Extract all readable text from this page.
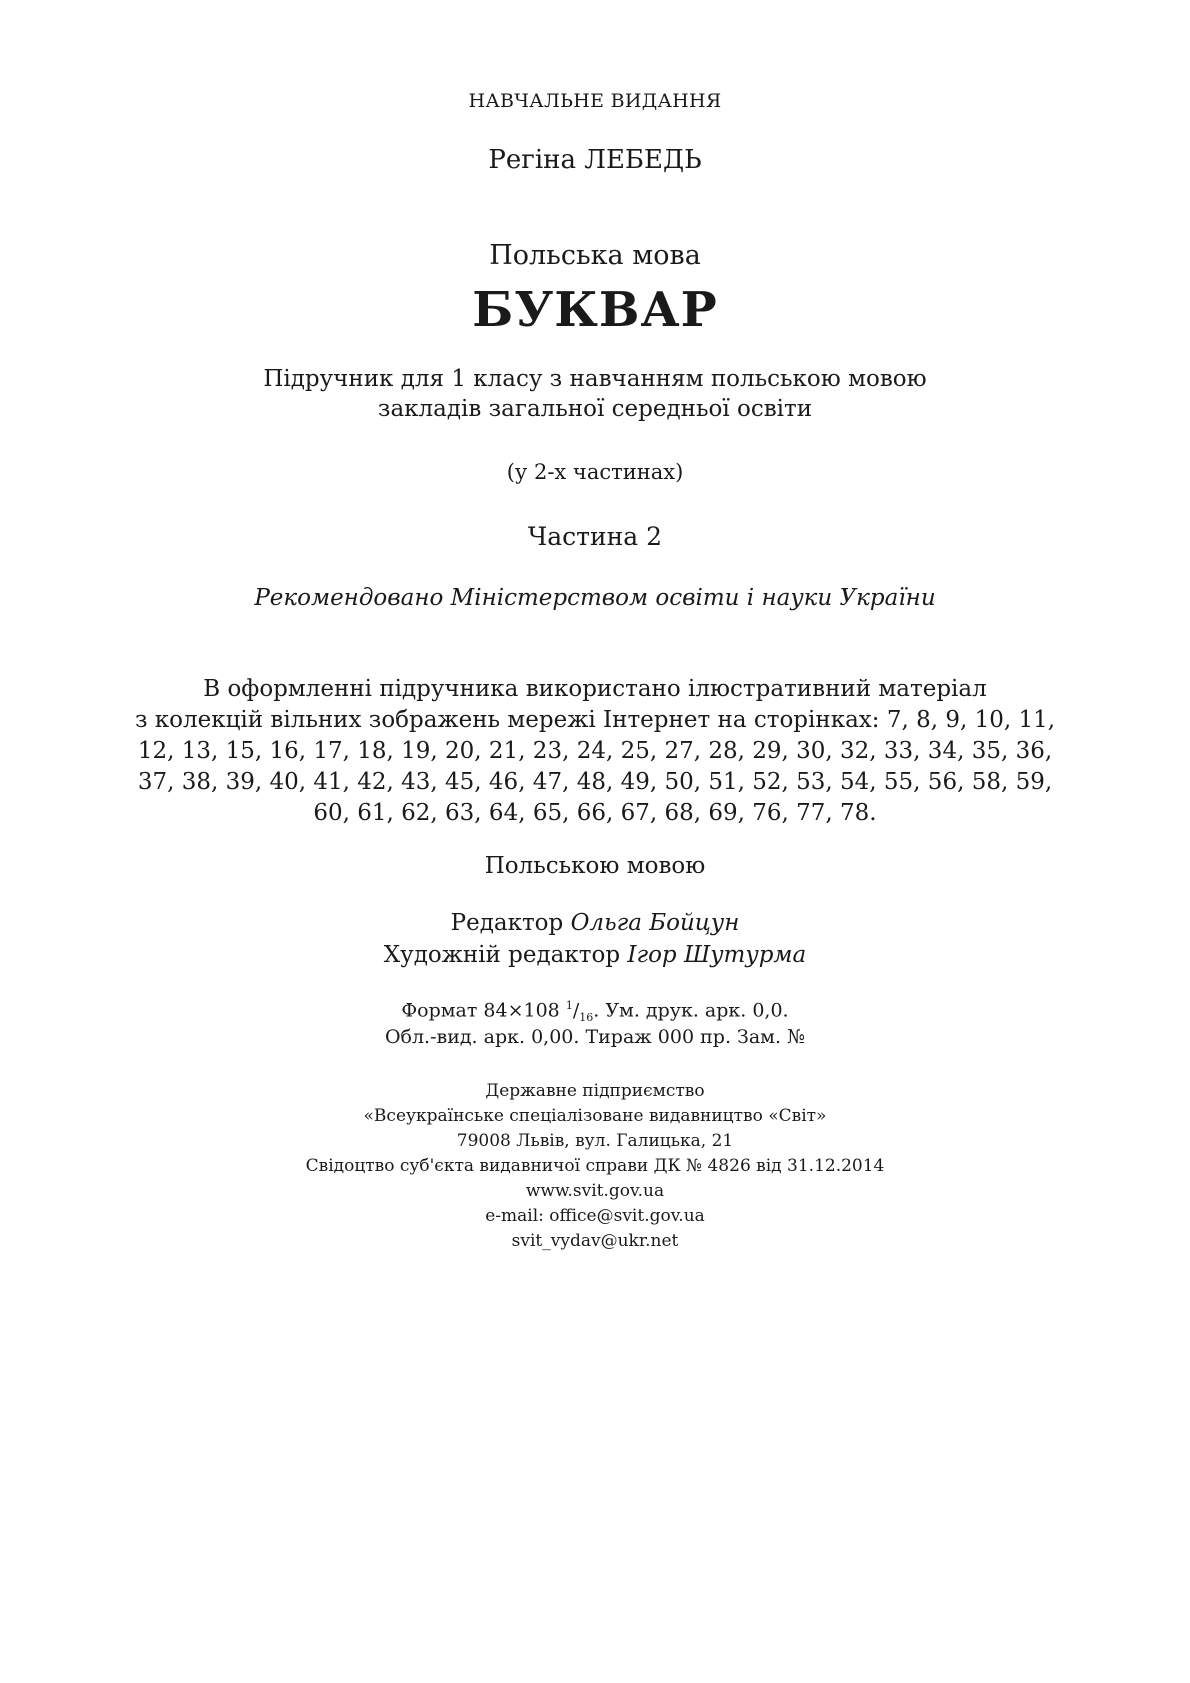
НАВЧАЛЬНЕ ВИДАННЯ
Регіна ЛЕБЕДЬ
Польська мова
БУКВАР
Підручник для 1 класу з навчанням польською мовою
закладів загальної середньої освіти
(у 2-х частинах)
Частина 2
Рекомендовано Міністерством освіти і науки України
В оформленні підручника використано ілюстративний матеріал
з колекцій вільних зображень мережі Інтернет на сторінках: 7, 8, 9, 10, 11,
12, 13, 15, 16, 17, 18, 19, 20, 21, 23, 24, 25, 27, 28, 29, 30, 32, 33, 34, 35, 36,
37, 38, 39, 40, 41, 42, 43, 45, 46, 47, 48, 49, 50, 51, 52, 53, 54, 55, 56, 58, 59,
60, 61, 62, 63, 64, 65, 66, 67, 68, 69, 76, 77, 78.
Польською мовою
Редактор Ольга Бойцун
Художній редактор Ігор Шутурма
Формат 84×108 $^1/_{16}$. Ум. друк. арк. 0,0.
Обл.-вид. арк. 0,00. Тираж 000 пр. Зам. №
Державне підприємство
«Всеукраїнське спеціалізоване видавництво «Світ»
79008 Львів, вул. Галицька, 21
Свідоцтво суб'єкта видавничої справи ДК № 4826 від 31.12.2014
www.svit.gov.ua
e-mail: office@svit.gov.ua
svit_vydav@ukr.net
